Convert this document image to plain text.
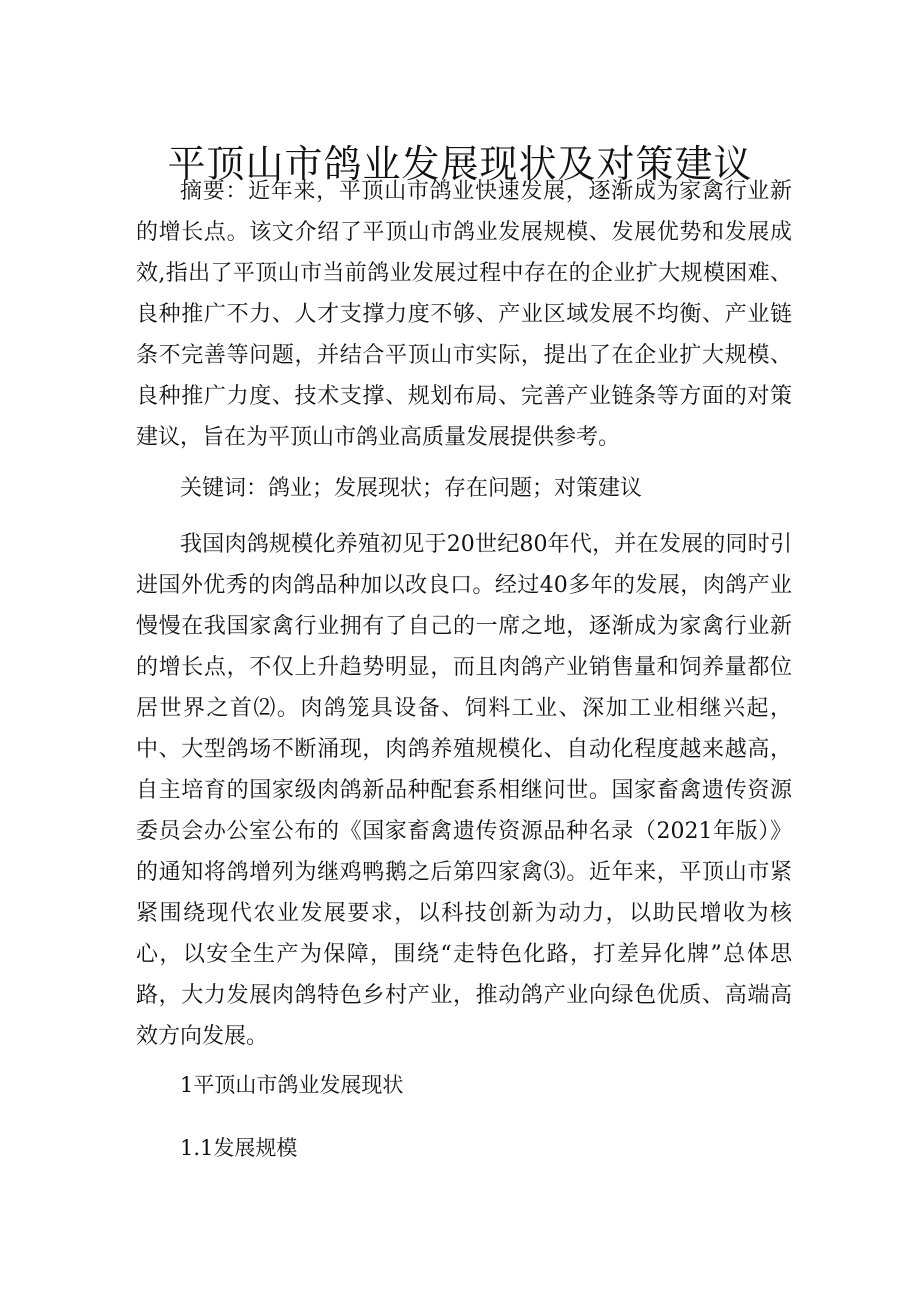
平顶山市鸽业发展现状及对策建议

摘要：近年来，平顶山市鸽业快速发展，逐渐成为家禽行业新的增长点。该文介绍了平顶山市鸽业发展规模、发展优势和发展成效,指出了平顶山市当前鸽业发展过程中存在的企业扩大规模困难、良种推广不力、人才支撑力度不够、产业区域发展不均衡、产业链条不完善等问题，并结合平顶山市实际，提出了在企业扩大规模、良种推广力度、技术支撑、规划布局、完善产业链条等方面的对策建议，旨在为平顶山市鸽业高质量发展提供参考。

关键词：鸽业；发展现状；存在问题；对策建议

我国肉鸽规模化养殖初见于20世纪80年代，并在发展的同时引进国外优秀的肉鸽品种加以改良口。经过40多年的发展，肉鸽产业慢慢在我国家禽行业拥有了自己的一席之地，逐渐成为家禽行业新的增长点，不仅上升趋势明显，而且肉鸽产业销售量和饲养量都位居世界之首⑵。肉鸽笼具设备、饲料工业、深加工业相继兴起，中、大型鸽场不断涌现，肉鸽养殖规模化、自动化程度越来越高，自主培育的国家级肉鸽新品种配套系相继问世。国家畜禽遗传资源委员会办公室公布的《国家畜禽遗传资源品种名录（2021年版）》的通知将鸽增列为继鸡鸭鹅之后第四家禽⑶。近年来，平顶山市紧紧围绕现代农业发展要求，以科技创新为动力，以助民增收为核心，以安全生产为保障，围绕“走特色化路，打差异化牌”总体思路，大力发展肉鸽特色乡村产业，推动鸽产业向绿色优质、高端高效方向发展。

1平顶山市鸽业发展现状
1.1发展规模
